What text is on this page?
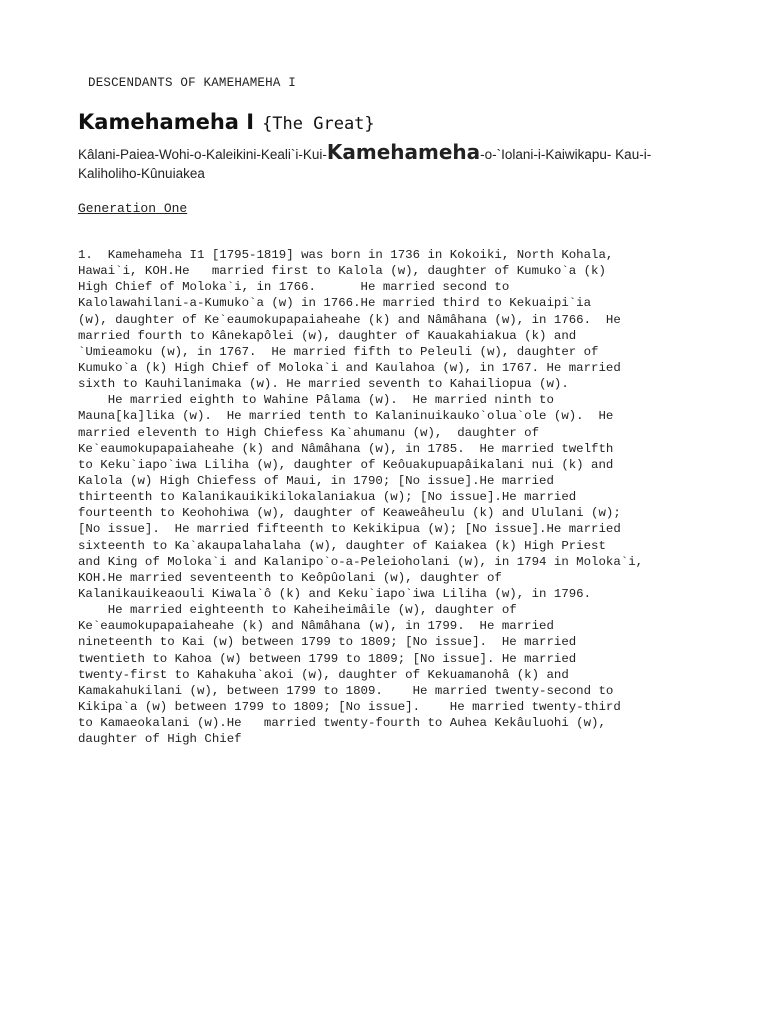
DESCENDANTS OF KAMEHAMEHA I
Kamehameha I {The Great}
Kâlani-Paiea-Wohi-o-Kaleikini-Keali`i-Kui-Kamehameha-o-`Iolani-i-Kaiwikapu- Kau-i-Kaliholiho-Kûnuiakea
Generation One
1.  Kamehameha I1 [1795-1819] was born in 1736 in Kokoiki, North Kohala,
Hawai`i, KOH.He   married first to Kalola (w), daughter of Kumuko`a (k)
High Chief of Moloka`i, in 1766.      He married second to
Kalolawahilani-a-Kumuko`a (w) in 1766.He married third to Kekuaipi`ia
(w), daughter of Ke`eaumokupapaiaheahe (k) and Nâmâhana (w), in 1766.  He
married fourth to Kânekapôlei (w), daughter of Kauakahiakua (k) and
`Umieamoku (w), in 1767.  He married fifth to Peleuli (w), daughter of
Kumuko`a (k) High Chief of Moloka`i and Kaulahoa (w), in 1767. He married
sixth to Kauhilanimaka (w). He married seventh to Kahailiopua (w).
He married eighth to Wahine Pâlama (w).  He married ninth to
Mauna[ka]lika (w).  He married tenth to Kalaninuikauko`olua`ole (w).  He
married eleventh to High Chiefess Ka`ahumanu (w),  daughter of
Ke`eaumokupapaiaheahe (k) and Nâmâhana (w), in 1785.  He married twelfth
to Keku`iapo`iwa Liliha (w), daughter of Keôuakupuapâikalani nui (k) and
Kalola (w) High Chiefess of Maui, in 1790; [No issue].He married
thirteenth to Kalanikauikikilokalaniakua (w); [No issue].He married
fourteenth to Keohohiwa (w), daughter of Keaweâheulu (k) and Ululani (w);
[No issue].  He married fifteenth to Kekikipua (w); [No issue].He married
sixteenth to Ka`akaupalahalaha (w), daughter of Kaiakea (k) High Priest
and King of Moloka`i and Kalanipo`o-a-Peleioholani (w), in 1794 in Moloka`i,
KOH.He married seventeenth to Keôpûolani (w), daughter of
Kalanikauikeaouli Kiwala`ô (k) and Keku`iapo`iwa Liliha (w), in 1796.
He married eighteenth to Kaheiheimâile (w), daughter of
Ke`eaumokupapaiaheahe (k) and Nâmâhana (w), in 1799.  He married
nineteenth to Kai (w) between 1799 to 1809; [No issue].  He married
twentieth to Kahoa (w) between 1799 to 1809; [No issue]. He married
twenty-first to Kahakuha`akoi (w), daughter of Kekuamanohâ (k) and
Kamakahukilani (w), between 1799 to 1809.    He married twenty-second to
Kikipa`a (w) between 1799 to 1809; [No issue].    He married twenty-third
to Kamaeokalani (w).He   married twenty-fourth to Auhea Kekâuluohi (w),
daughter of High Chief
